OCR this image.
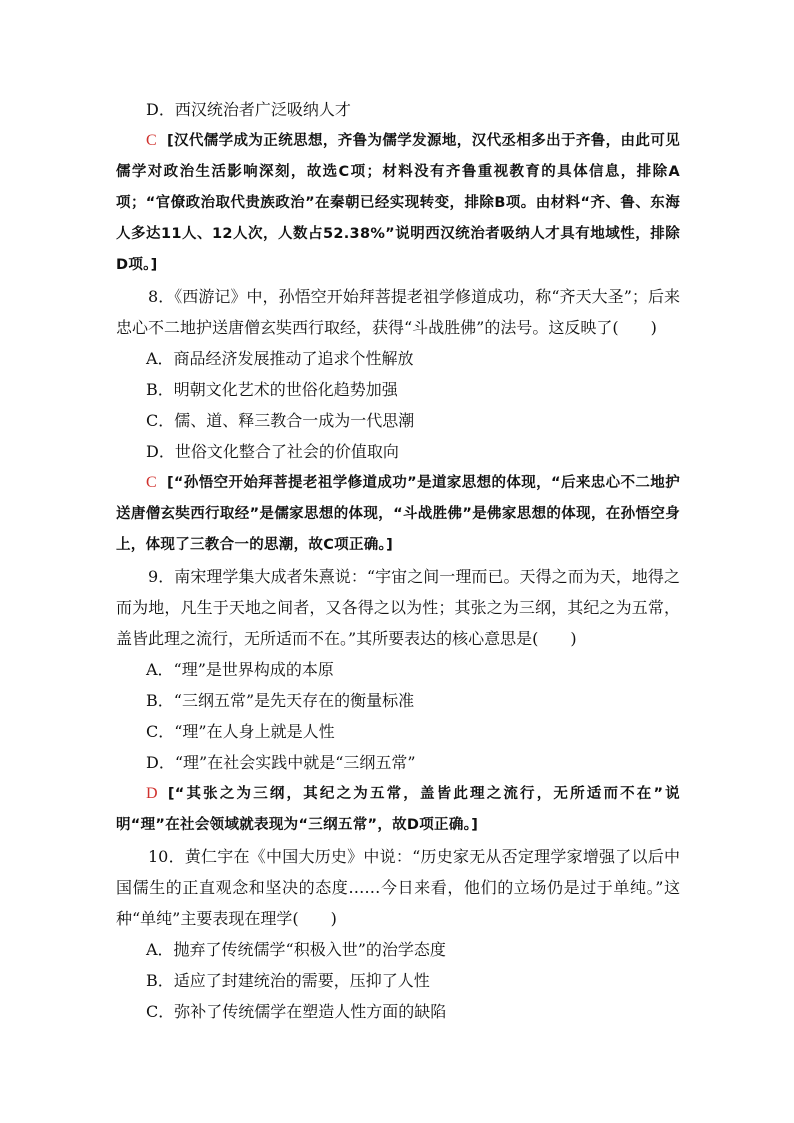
D．西汉统治者广泛吸纳人才
C [汉代儒学成为正统思想，齐鲁为儒学发源地，汉代丞相多出于齐鲁，由此可见儒学对政治生活影响深刻，故选C项；材料没有齐鲁重视教育的具体信息，排除A项；“官僚政治取代贵族政治”在秦朝已经实现转变，排除B项。由材料“齐、鲁、东海人多达11人、12人次，人数占52.38%”说明西汉统治者吸纳人才具有地域性，排除D项。]
8．《西游记》中，孙悟空开始拜菩提老祖学修道成功，称“齐天大圣”；后来忠心不二地护送唐僧玄奘西行取经，获得“斗战胜佛”的法号。这反映了(　　)
A．商品经济发展推动了追求个性解放
B．明朝文化艺术的世俗化趋势加强
C．儒、道、释三教合一成为一代思潮
D．世俗文化整合了社会的价值取向
C [“孙悟空开始拜菩提老祖学修道成功”是道家思想的体现，“后来忠心不二地护送唐僧玄奘西行取经”是儒家思想的体现，“斗战胜佛”是佛家思想的体现，在孙悟空身上，体现了三教合一的思潮，故C项正确。]
9．南宋理学集大成者朱熹说：“宇宙之间一理而已。天得之而为天，地得之而为地，凡生于天地之间者，又各得之以为性；其张之为三纲，其纪之为五常，盖皆此理之流行，无所适而不在。”其所要表达的核心意思是(　　)
A．“理”是世界构成的本原
B．“三纲五常”是先天存在的衡量标准
C．“理”在人身上就是人性
D．“理”在社会实践中就是“三纲五常”
D [“其张之为三纲，其纪之为五常，盖皆此理之流行，无所适而不在”说明“理”在社会领域就表现为“三纲五常”，故D项正确。]
10．黄仁宇在《中国大历史》中说：“历史家无从否定理学家增强了以后中国儒生的正直观念和坚决的态度……今日来看，他们的立场仍是过于单纯。”这种“单纯”主要表现在理学(　　)
A．抛弃了传统儒学“积极入世”的治学态度
B．适应了封建统治的需要，压抑了人性
C．弥补了传统儒学在塑造人性方面的缺陷
